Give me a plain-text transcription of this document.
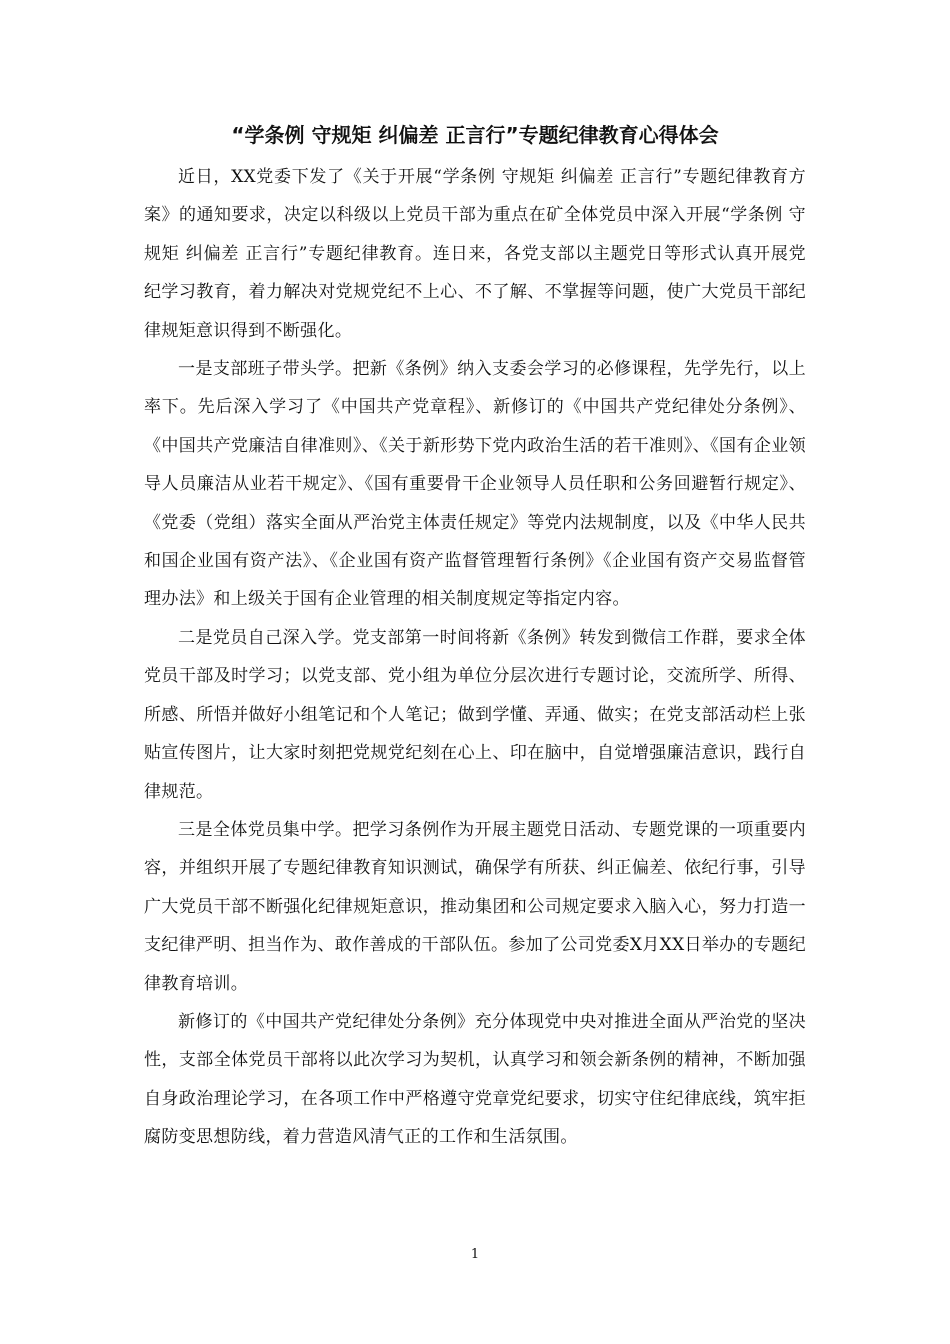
“学条例 守规矩 纠偏差 正言行”专题纪律教育心得体会

近日，XX党委下发了《关于开展“学条例 守规矩 纠偏差 正言行”专题纪律教育方案》的通知要求，决定以科级以上党员干部为重点在矿全体党员中深入开展“学条例 守规矩 纠偏差 正言行”专题纪律教育。连日来，各党支部以主题党日等形式认真开展党纪学习教育，着力解决对党规党纪不上心、不了解、不掌握等问题，使广大党员干部纪律规矩意识得到不断强化。

一是支部班子带头学。把新《条例》纳入支委会学习的必修课程，先学先行，以上率下。先后深入学习了《中国共产党章程》、新修订的《中国共产党纪律处分条例》、《中国共产党廉洁自律准则》、《关于新形势下党内政治生活的若干准则》、《国有企业领导人员廉洁从业若干规定》、《国有重要骨干企业领导人员任职和公务回避暂行规定》、《党委（党组）落实全面从严治党主体责任规定》等党内法规制度，以及《中华人民共和国企业国有资产法》、《企业国有资产监督管理暂行条例》《企业国有资产交易监督管理办法》和上级关于国有企业管理的相关制度规定等指定内容。

二是党员自己深入学。党支部第一时间将新《条例》转发到微信工作群，要求全体党员干部及时学习；以党支部、党小组为单位分层次进行专题讨论，交流所学、所得、所感、所悟并做好小组笔记和个人笔记；做到学懂、弄通、做实；在党支部活动栏上张贴宣传图片，让大家时刻把党规党纪刻在心上、印在脑中，自觉增强廉洁意识，践行自律规范。

三是全体党员集中学。把学习条例作为开展主题党日活动、专题党课的一项重要内容，并组织开展了专题纪律教育知识测试，确保学有所获、纠正偏差、依纪行事，引导广大党员干部不断强化纪律规矩意识，推动集团和公司规定要求入脑入心，努力打造一支纪律严明、担当作为、敢作善成的干部队伍。参加了公司党委X月XX日举办的专题纪律教育培训。

新修订的《中国共产党纪律处分条例》充分体现党中央对推进全面从严治党的坚决性，支部全体党员干部将以此次学习为契机，认真学习和领会新条例的精神，不断加强自身政治理论学习，在各项工作中严格遵守党章党纪要求，切实守住纪律底线，筑牢拒腐防变思想防线，着力营造风清气正的工作和生活氛围。

1
